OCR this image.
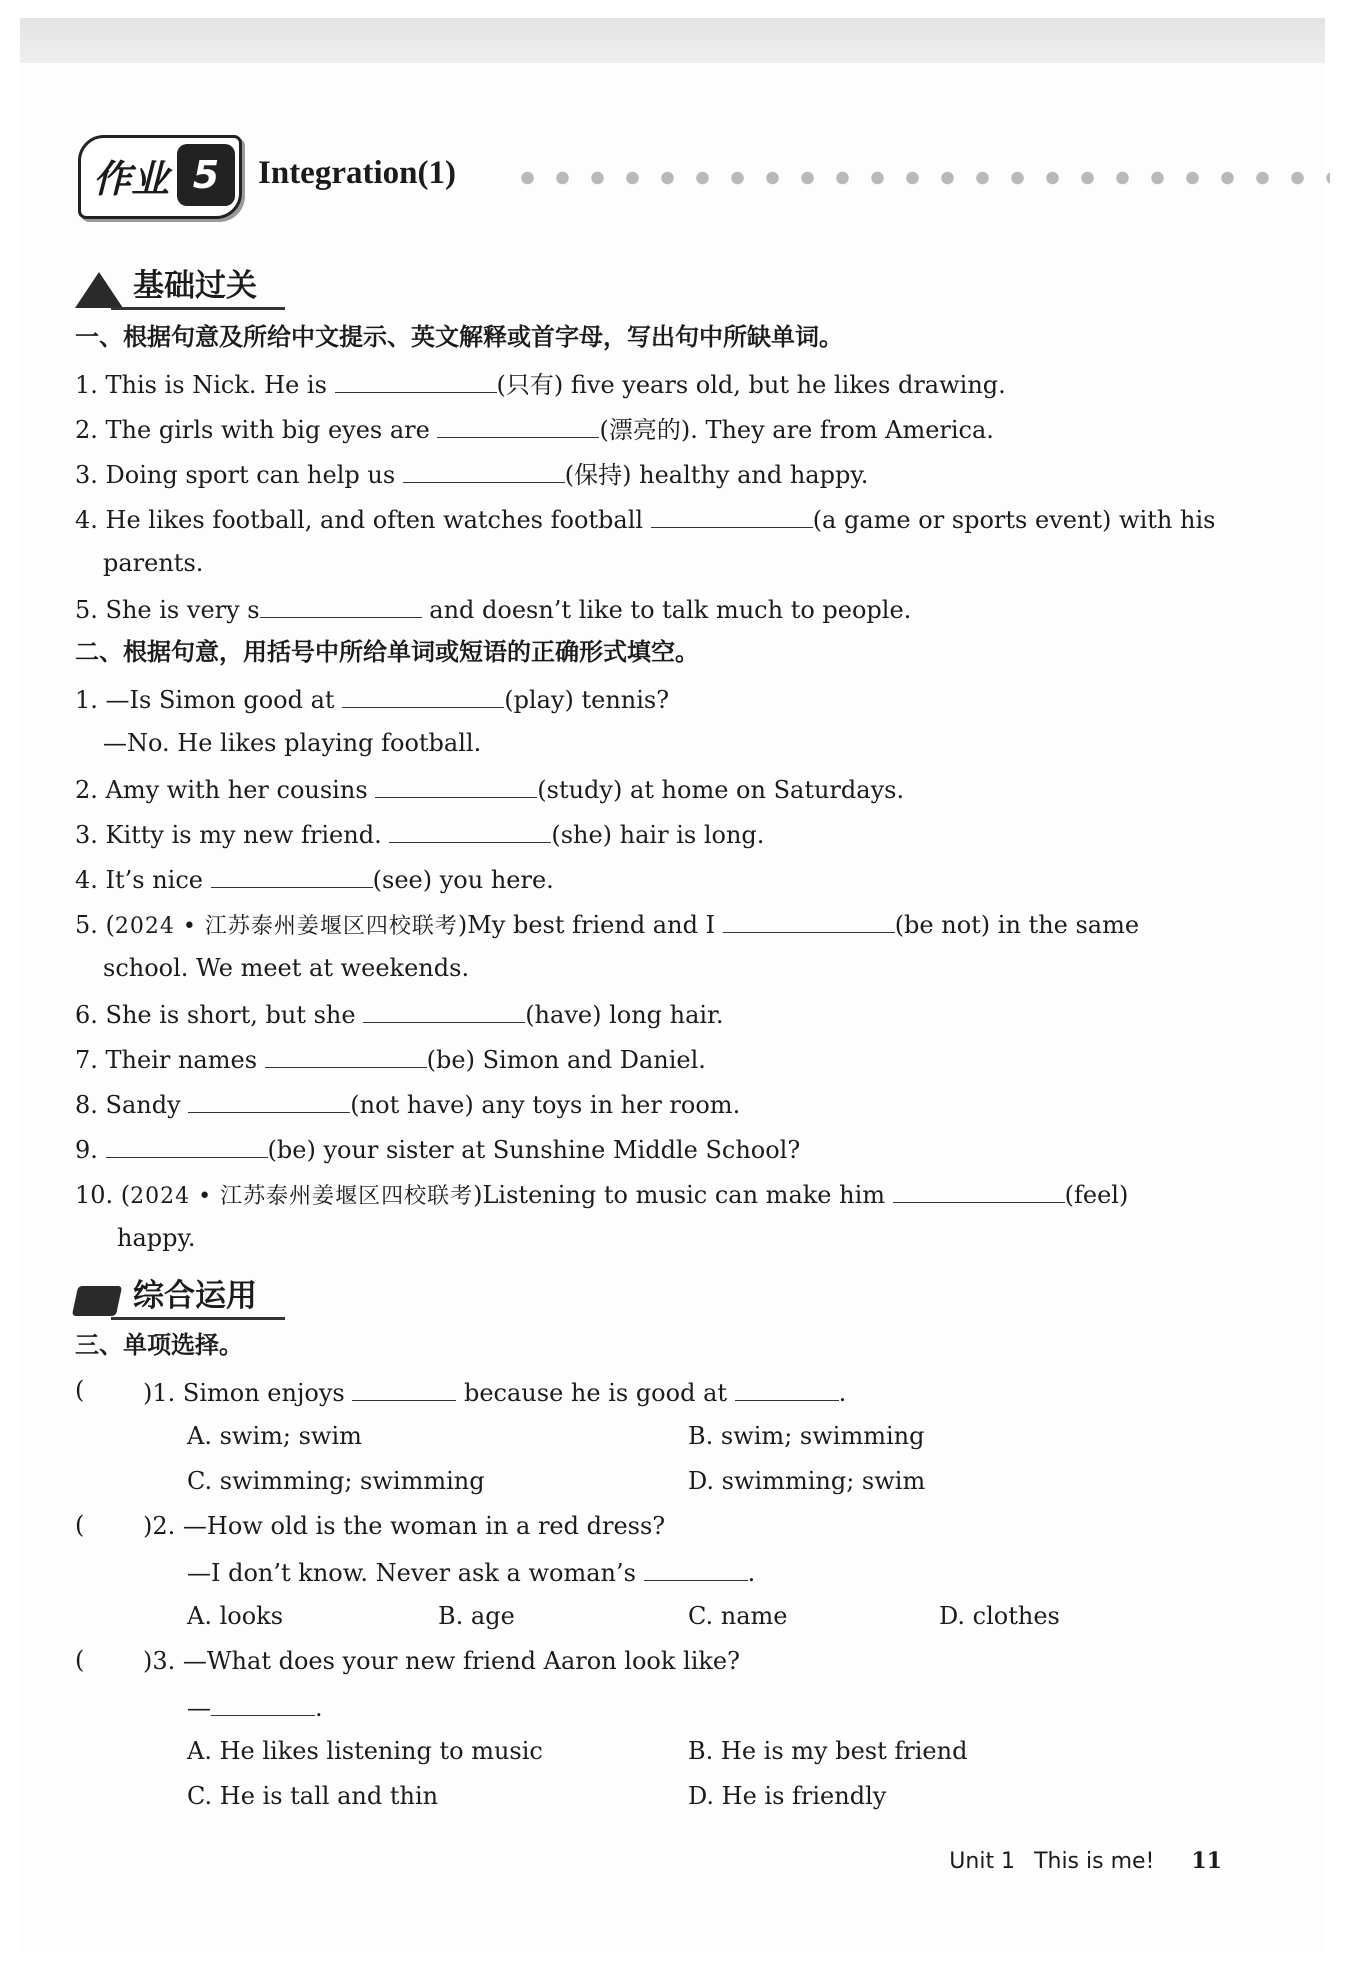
作业 5	Integration(1)
基础过关
一、根据句意及所给中文提示、英文解释或首字母，写出句中所缺单词。
1. This is Nick. He is	(只有) five years old, but he likes drawing.
2. The girls with big eyes are	(漂亮的). They are from America.
3. Doing sport can help us	(保持) healthy and happy.
4. He likes football, and often watches football	(a game or sports event) with his
parents.
5. She is very s	and doesn’t like to talk much to people.
二、根据句意，用括号中所给单词或短语的正确形式填空。
1. —Is Simon good at	(play) tennis?
—No. He likes playing football.
2. Amy with her cousins	(study) at home on Saturdays.
3. Kitty is my new friend.	(she) hair is long.
4. It’s nice	(see) you here.
5. (2024 • 江苏泰州姜堰区四校联考)My best friend and I	(be not) in the same
school. We meet at weekends.
6. She is short, but she	(have) long hair.
7. Their names	(be) Simon and Daniel.
8. Sandy	(not have) any toys in her room.
9.	(be) your sister at Sunshine Middle School?
10. (2024 • 江苏泰州姜堰区四校联考)Listening to music can make him	(feel)
happy.
综合运用
三、单项选择。
( )1. Simon enjoys	because he is good at	.
A. swim; swim	B. swim; swimming
C. swimming; swimming	D. swimming; swim
( )2. —How old is the woman in a red dress?
—I don’t know. Never ask a woman’s	.
A. looks	B. age	C. name	D. clothes
( )3. —What does your new friend Aaron look like?
—	.
A. He likes listening to music	B. He is my best friend
C. He is tall and thin	D. He is friendly
Unit 1 This is me! 11
